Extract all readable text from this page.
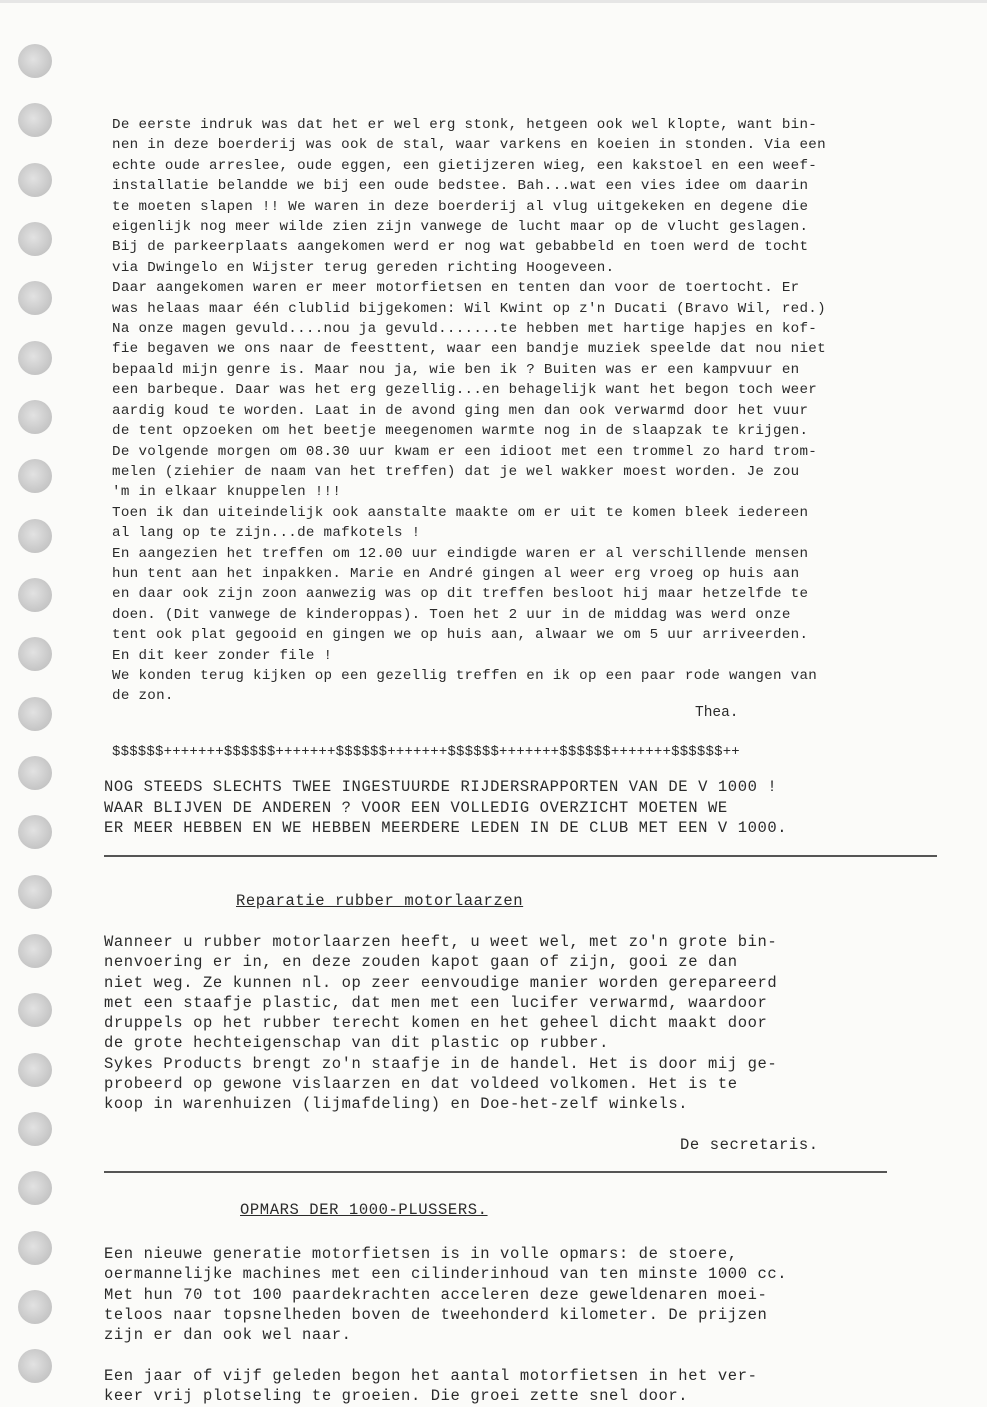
De eerste indruk was dat het er wel erg stonk, hetgeen ook wel klopte, want bin-
nen in deze boerderij was ook de stal, waar varkens en koeien in stonden. Via een
echte oude arreslee, oude eggen, een gietijzeren wieg, een kakstoel en een weef-
installatie belandde we bij een oude bedstee. Bah...wat een vies idee om daarin
te moeten slapen !! We waren in deze boerderij al vlug uitgekeken en degene die
eigenlijk nog meer wilde zien zijn vanwege de lucht maar op de vlucht geslagen.
Bij de parkeerplaats aangekomen werd er nog wat gebabbeld en toen werd de tocht
via Dwingelo en Wijster terug gereden richting Hoogeveen.
Daar aangekomen waren er meer motorfietsen en tenten dan voor de toertocht. Er
was helaas maar één clublid bijgekomen: Wil Kwint op z'n Ducati (Bravo Wil, red.)
Na onze magen gevuld....nou ja gevuld.......te hebben met hartige hapjes en kof-
fie begaven we ons naar de feesttent, waar een bandje muziek speelde dat nou niet
bepaald mijn genre is. Maar nou ja, wie ben ik ? Buiten was er een kampvuur en
een barbeque. Daar was het erg gezellig...en behagelijk want het begon toch weer
aardig koud te worden. Laat in de avond ging men dan ook verwarmd door het vuur
de tent opzoeken om het beetje meegenomen warmte nog in de slaapzak te krijgen.
De volgende morgen om 08.30 uur kwam er een idioot met een trommel zo hard trom-
melen (ziehier de naam van het treffen) dat je wel wakker moest worden. Je zou
'm in elkaar knuppelen !!!
Toen ik dan uiteindelijk ook aanstalte maakte om er uit te komen bleek iedereen
al lang op te zijn...de mafkotels !
En aangezien het treffen om 12.00 uur eindigde waren er al verschillende mensen
hun tent aan het inpakken. Marie en André gingen al weer erg vroeg op huis aan
en daar ook zijn zoon aanwezig was op dit treffen besloot hij maar hetzelfde te
doen. (Dit vanwege de kinderoppas). Toen het 2 uur in de middag was werd onze
tent ook plat gegooid en gingen we op huis aan, alwaar we om 5 uur arriveerden.
En dit keer zonder file !
We konden terug kijken op een gezellig treffen en ik op een paar rode wangen van
de zon.
Thea.
$$$$$$+++++++$$$$$$+++++++$$$$$$+++++++$$$$$$+++++++$$$$$$+++++++$$$$$$++
NOG STEEDS SLECHTS TWEE INGESTUURDE RIJDERSRAPPORTEN VAN DE V 1000 !
WAAR BLIJVEN DE ANDEREN ? VOOR EEN VOLLEDIG OVERZICHT MOETEN WE
ER MEER HEBBEN EN WE HEBBEN MEERDERE LEDEN IN DE CLUB MET EEN V 1000.
Reparatie rubber motorlaarzen
Wanneer u rubber motorlaarzen heeft, u weet wel, met zo'n grote bin-
nenvoering er in, en deze zouden kapot gaan of zijn, gooi ze dan
niet weg. Ze kunnen nl. op zeer eenvoudige manier worden gerepareerd
met een staafje plastic, dat men met een lucifer verwarmd, waardoor
druppels op het rubber terecht komen en het geheel dicht maakt door
de grote hechteigenschap van dit plastic op rubber.
Sykes Products brengt zo'n staafje in de handel. Het is door mij ge-
probeerd op gewone vislaarzen en dat voldeed volkomen. Het is te
koop in warenhuizen (lijmafdeling) en Doe-het-zelf winkels.
De secretaris.
OPMARS DER 1000-PLUSSERS.
Een nieuwe generatie motorfietsen is in volle opmars: de stoere,
oermannelijke machines met een cilinderinhoud van ten minste 1000 cc.
Met hun 70 tot 100 paardekrachten acceleren deze geweldenaren moei-
teloos naar topsnelheden boven de tweehonderd kilometer. De prijzen
zijn er dan ook wel naar.
Een jaar of vijf geleden begon het aantal motorfietsen in het ver-
keer vrij plotseling te groeien. Die groei zette snel door.
